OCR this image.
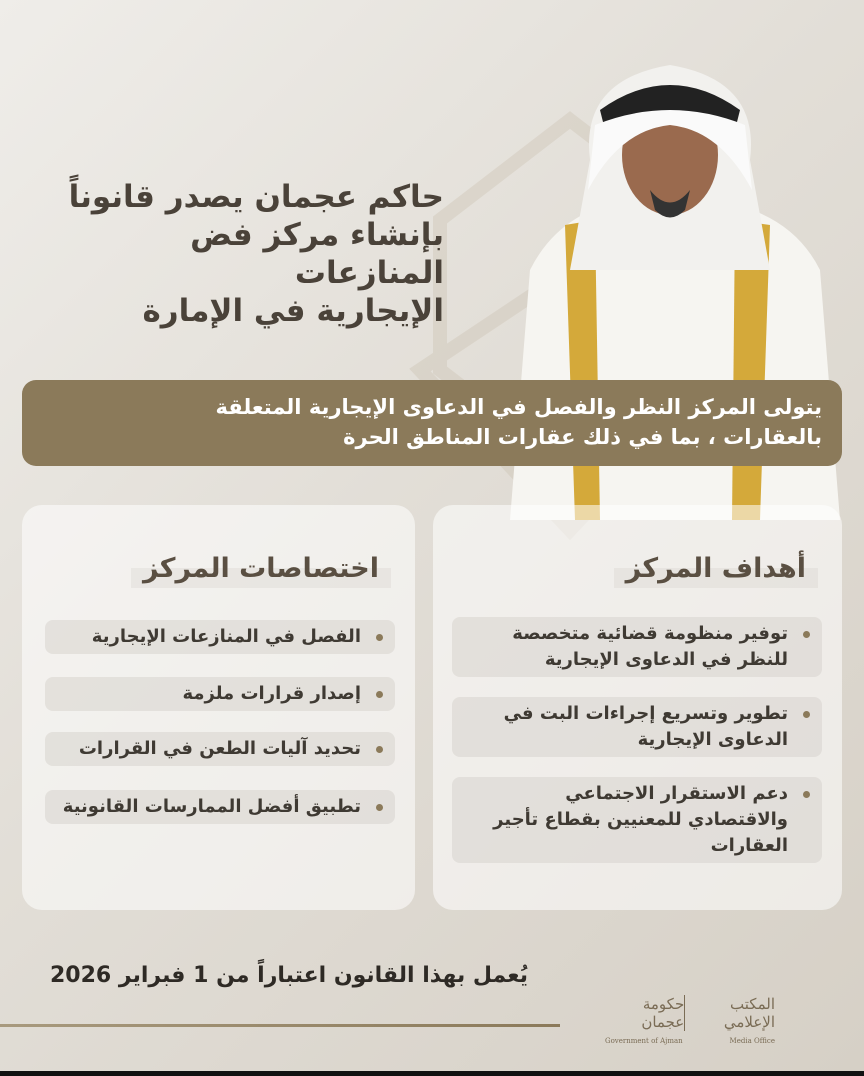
حاكم عجمان يصدر قانوناً
بإنشاء مركز فض المنازعات
الإيجارية في الإمارة
يتولى المركز النظر والفصل في الدعاوى الإيجارية المتعلقة
بالعقارات ، بما في ذلك عقارات المناطق الحرة
أهداف المركز
توفير منظومة قضائية متخصصة للنظر في الدعاوى الإيجارية
تطوير وتسريع إجراءات البت في الدعاوى الإيجارية
دعم الاستقرار الاجتماعي والاقتصادي للمعنيين بقطاع تأجير العقارات
اختصاصات المركز
الفصل في المنازعات الإيجارية
إصدار قرارات ملزمة
تحديد آليات الطعن في القرارات
تطبيق أفضل الممارسات القانونية
يُعمل بهذا القانون اعتباراً من 1 فبراير 2026
المكتب الإعلامي
حكومة عجمان
Government of Ajman	Media Office
